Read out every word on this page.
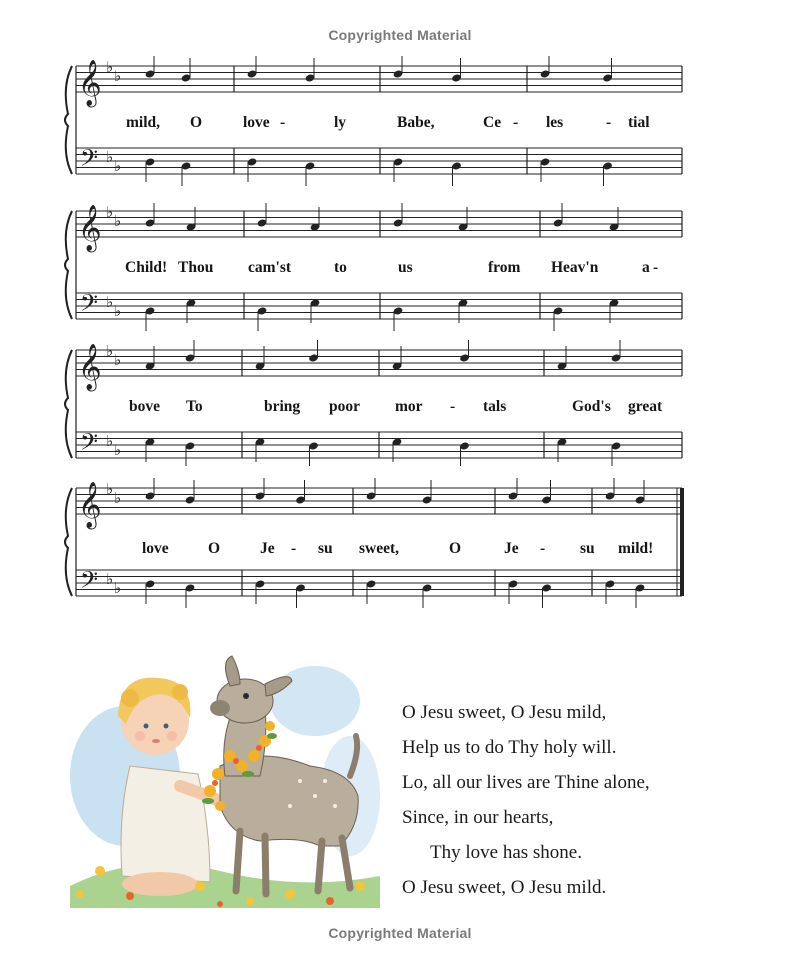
Copyrighted Material
𝄞
𝄢
♭ ♭
♭ ♭
mild, O	love -	ly	Babe,	Ce - les	- tial
𝄞
𝄢
♭ ♭
♭ ♭
Child! Thou cam'st	to	us	from Heav'n	a -
𝄞
𝄢
♭ ♭
♭ ♭
bove To	bring poor mor - tals	God's great
𝄞
𝄢
♭ ♭
♭ ♭
love	O	Je - su sweet,	O	Je - su mild!
O Jesu sweet, O Jesu mild,
Help us to do Thy holy will.
Lo, all our lives are Thine alone,
Since, in our hearts,
Thy love has shone.
O Jesu sweet, O Jesu mild.
Copyrighted Material
